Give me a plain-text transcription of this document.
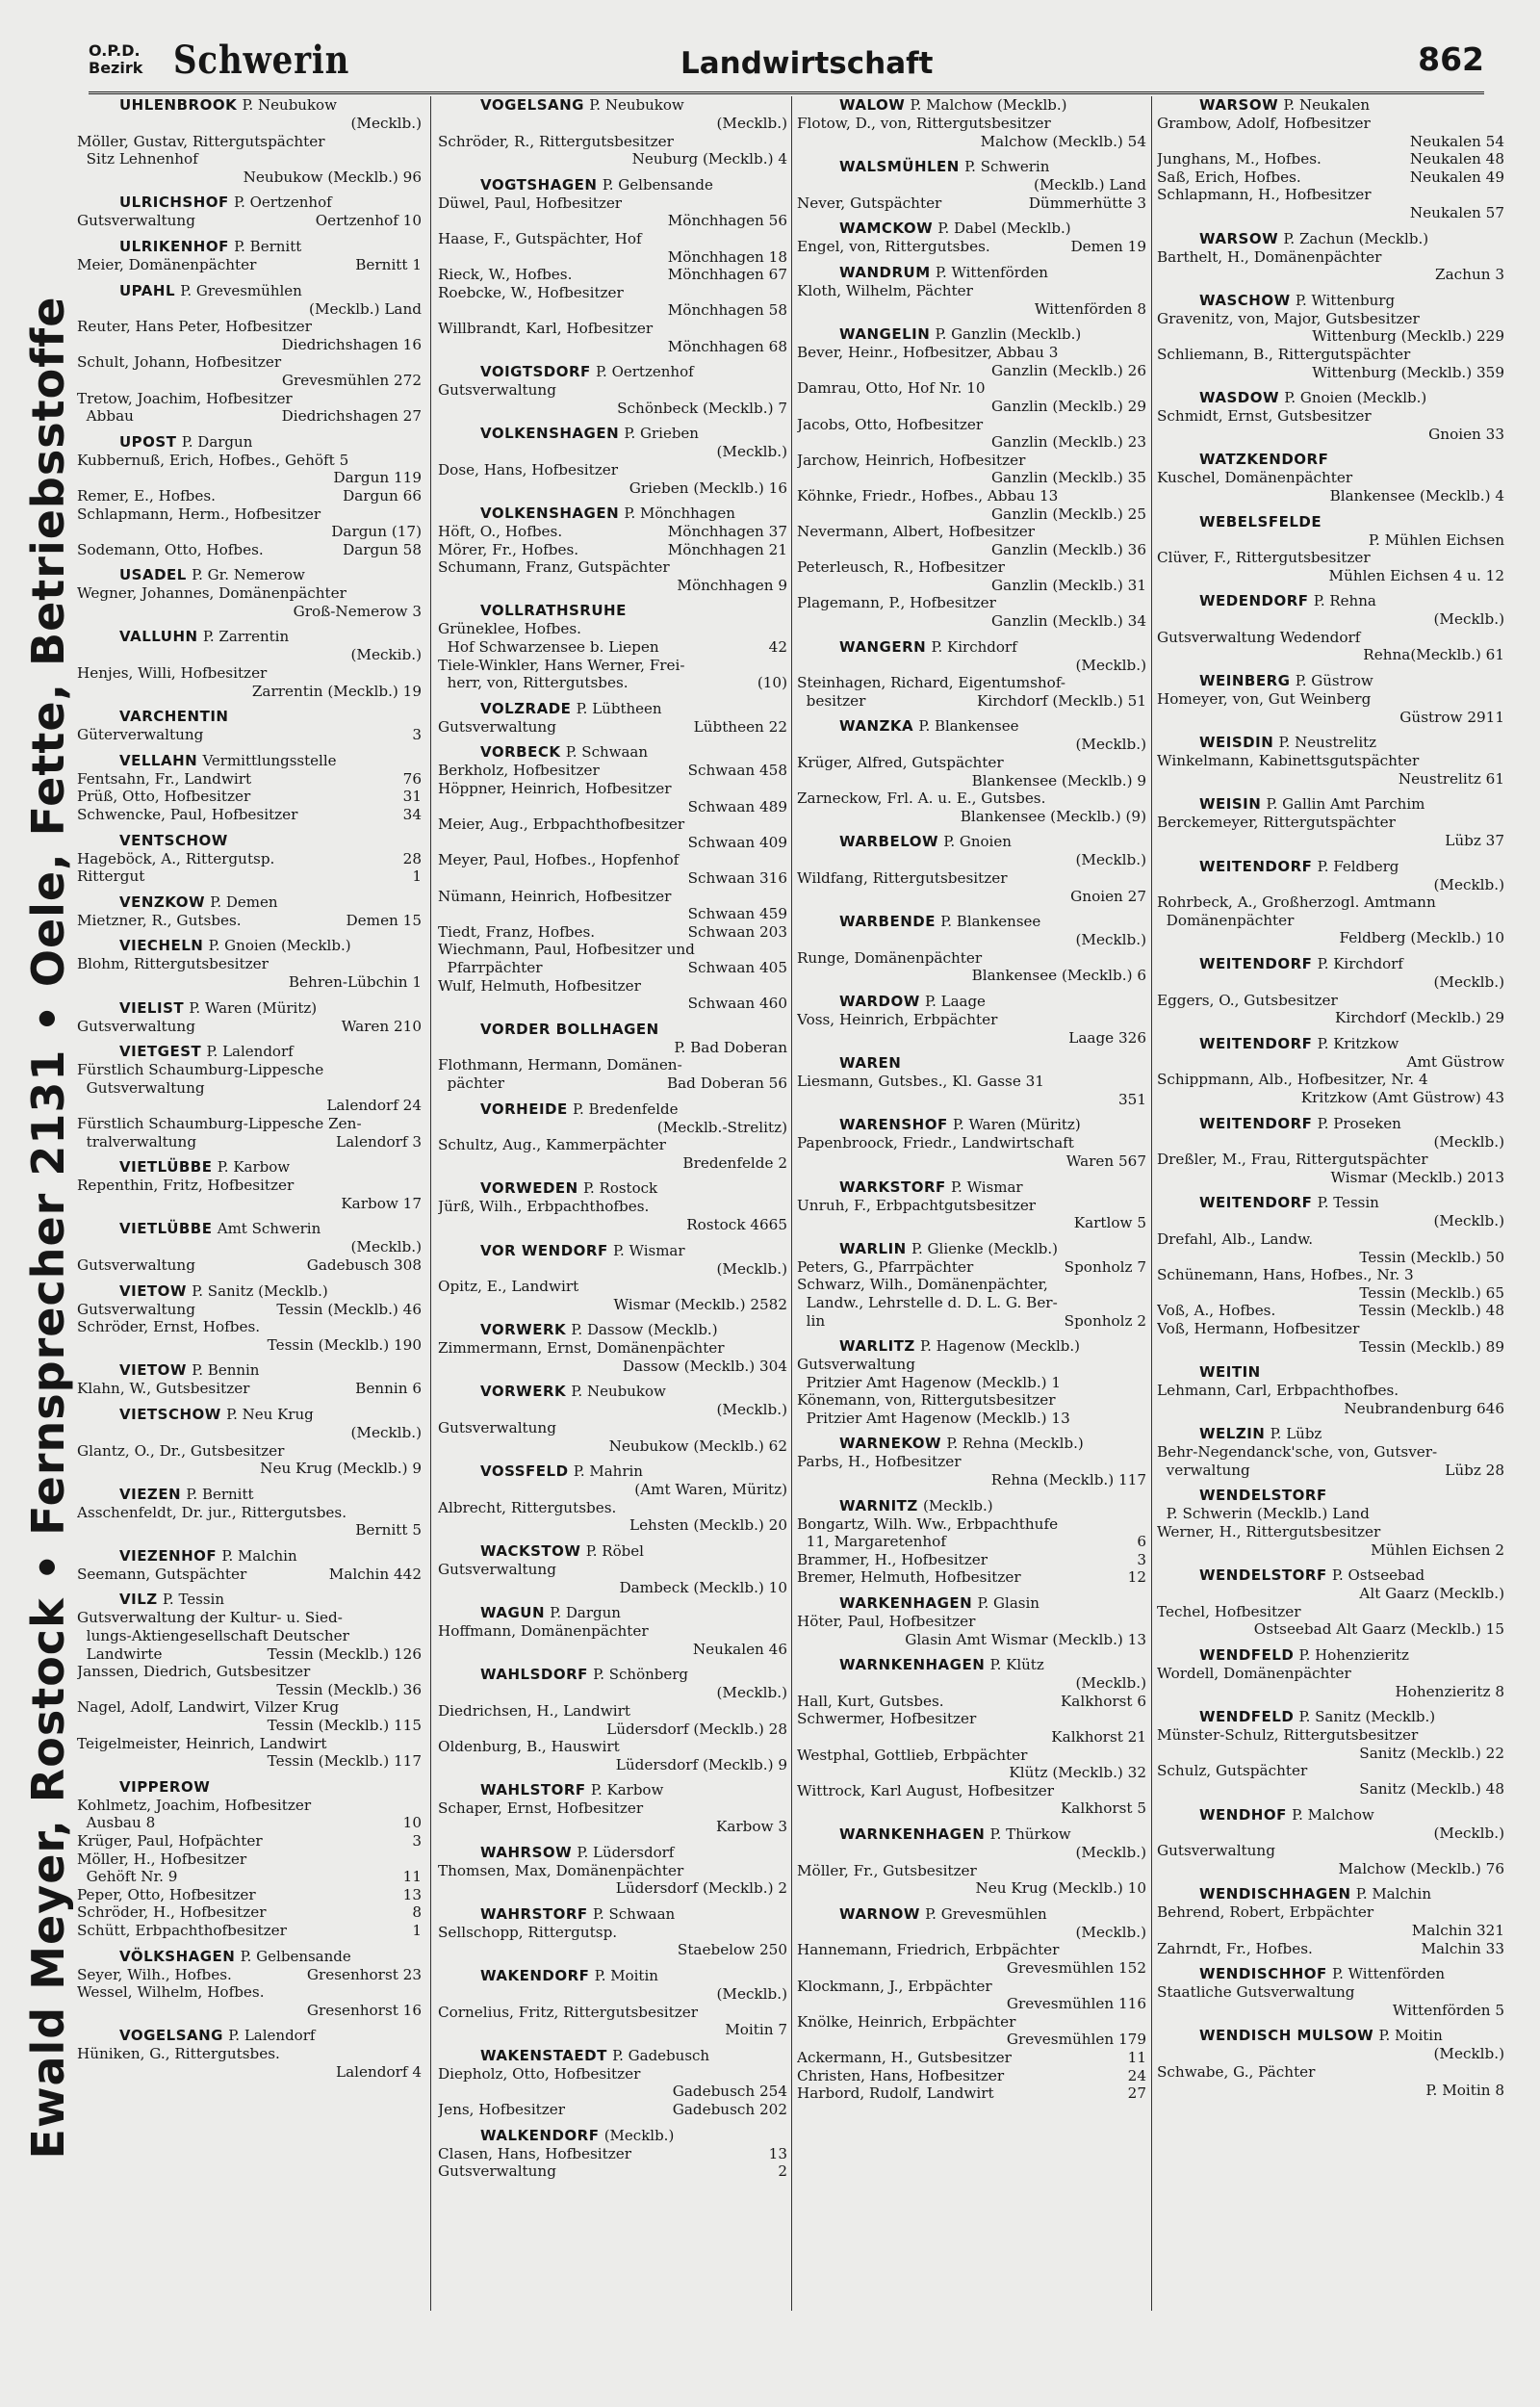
O.P.D.
Bezirk Schwerin	Landwirtschaft	862
Ewald Meyer, Rostock • Fernsprecher 2131 • Oele, Fette, Betriebsstoffe
UHLENBROOK P. Neubukow
(Mecklb.)
Möller, Gustav, Rittergutspächter
Sitz Lehnenhof
Neubukow (Mecklb.) 96
ULRICHSHOF P. Oertzenhof
Gutsverwaltung	Oertzenhof 10
ULRIKENHOF P. Bernitt
Meier, Domänenpächter	Bernitt 1
UPAHL P. Grevesmühlen
(Mecklb.) Land
Reuter, Hans Peter, Hofbesitzer
Diedrichshagen 16
Schult, Johann, Hofbesitzer
Grevesmühlen 272
Tretow, Joachim, Hofbesitzer
Abbau	Diedrichshagen 27
UPOST P. Dargun
Kubbernuß, Erich, Hofbes., Gehöft 5
Dargun 119
Remer, E., Hofbes.	Dargun 66
Schlapmann, Herm., Hofbesitzer
Dargun (17)
Sodemann, Otto, Hofbes.	Dargun 58
USADEL P. Gr. Nemerow
Wegner, Johannes, Domänenpächter
Groß-Nemerow 3
VALLUHN P. Zarrentin
(Meckib.)
Henjes, Willi, Hofbesitzer
Zarrentin (Mecklb.) 19
VARCHENTIN
Güterverwaltung	3
VELLAHN Vermittlungsstelle
Fentsahn, Fr., Landwirt	76
Prüß, Otto, Hofbesitzer	31
Schwencke, Paul, Hofbesitzer	34
VENTSCHOW
Hageböck, A., Rittergutsp.	28
Rittergut	1
VENZKOW P. Demen
Mietzner, R., Gutsbes.	Demen 15
VIECHELN P. Gnoien (Mecklb.)
Blohm, Rittergutsbesitzer
Behren-Lübchin 1
VIELIST P. Waren (Müritz)
Gutsverwaltung	Waren 210
VIETGEST P. Lalendorf
Fürstlich Schaumburg-Lippesche
Gutsverwaltung
Lalendorf 24
Fürstlich Schaumburg-Lippesche Zen-
tralverwaltung	Lalendorf 3
VIETLÜBBE P. Karbow
Repenthin, Fritz, Hofbesitzer
Karbow 17
VIETLÜBBE Amt Schwerin
(Mecklb.)
Gutsverwaltung	Gadebusch 308
VIETOW P. Sanitz (Mecklb.)
Gutsverwaltung	Tessin (Mecklb.) 46
Schröder, Ernst, Hofbes.
Tessin (Mecklb.) 190
VIETOW P. Bennin
Klahn, W., Gutsbesitzer	Bennin 6
VIETSCHOW P. Neu Krug
(Mecklb.)
Glantz, O., Dr., Gutsbesitzer
Neu Krug (Mecklb.) 9
VIEZEN P. Bernitt
Asschenfeldt, Dr. jur., Rittergutsbes.
Bernitt 5
VIEZENHOF P. Malchin
Seemann, Gutspächter	Malchin 442
VILZ P. Tessin
Gutsverwaltung der Kultur- u. Sied-
lungs-Aktiengesellschaft Deutscher
Landwirte	Tessin (Mecklb.) 126
Janssen, Diedrich, Gutsbesitzer
Tessin (Mecklb.) 36
Nagel, Adolf, Landwirt, Vilzer Krug
Tessin (Mecklb.) 115
Teigelmeister, Heinrich, Landwirt
Tessin (Mecklb.) 117
VIPPEROW
Kohlmetz, Joachim, Hofbesitzer
Ausbau 8	10
Krüger, Paul, Hofpächter	3
Möller, H., Hofbesitzer
Gehöft Nr. 9	11
Peper, Otto, Hofbesitzer	13
Schröder, H., Hofbesitzer	8
Schütt, Erbpachthofbesitzer	1
VÖLKSHAGEN P. Gelbensande
Seyer, Wilh., Hofbes.	Gresenhorst 23
Wessel, Wilhelm, Hofbes.
Gresenhorst 16
VOGELSANG P. Lalendorf
Hüniken, G., Rittergutsbes.
Lalendorf 4
VOGELSANG P. Neubukow
(Mecklb.)
Schröder, R., Rittergutsbesitzer
Neuburg (Mecklb.) 4
VOGTSHAGEN P. Gelbensande
Düwel, Paul, Hofbesitzer
Mönchhagen 56
Haase, F., Gutspächter, Hof
Mönchhagen 18
Rieck, W., Hofbes.	Mönchhagen 67
Roebcke, W., Hofbesitzer
Mönchhagen 58
Willbrandt, Karl, Hofbesitzer
Mönchhagen 68
VOIGTSDORF P. Oertzenhof
Gutsverwaltung
Schönbeck (Mecklb.) 7
VOLKENSHAGEN P. Grieben
(Mecklb.)
Dose, Hans, Hofbesitzer
Grieben (Mecklb.) 16
VOLKENSHAGEN P. Mönchhagen
Höft, O., Hofbes.	Mönchhagen 37
Mörer, Fr., Hofbes.	Mönchhagen 21
Schumann, Franz, Gutspächter
Mönchhagen 9
VOLLRATHSRUHE
Grüneklee, Hofbes.
Hof Schwarzensee b. Liepen	42
Tiele-Winkler, Hans Werner, Frei-
herr, von, Rittergutsbes.	(10)
VOLZRADE P. Lübtheen
Gutsverwaltung	Lübtheen 22
VORBECK P. Schwaan
Berkholz, Hofbesitzer	Schwaan 458
Höppner, Heinrich, Hofbesitzer
Schwaan 489
Meier, Aug., Erbpachthofbesitzer
Schwaan 409
Meyer, Paul, Hofbes., Hopfenhof
Schwaan 316
Nümann, Heinrich, Hofbesitzer
Schwaan 459
Tiedt, Franz, Hofbes.	Schwaan 203
Wiechmann, Paul, Hofbesitzer und
Pfarrpächter	Schwaan 405
Wulf, Helmuth, Hofbesitzer
Schwaan 460
VORDER BOLLHAGEN
P. Bad Doberan
Flothmann, Hermann, Domänen-
pächter	Bad Doberan 56
VORHEIDE P. Bredenfelde
(Mecklb.-Strelitz)
Schultz, Aug., Kammerpächter
Bredenfelde 2
VORWEDEN P. Rostock
Jürß, Wilh., Erbpachthofbes.
Rostock 4665
VOR WENDORF P. Wismar
(Mecklb.)
Opitz, E., Landwirt
Wismar (Mecklb.) 2582
VORWERK P. Dassow (Mecklb.)
Zimmermann, Ernst, Domänenpächter
Dassow (Mecklb.) 304
VORWERK P. Neubukow
(Mecklb.)
Gutsverwaltung
Neubukow (Mecklb.) 62
VOSSFELD P. Mahrin
(Amt Waren, Müritz)
Albrecht, Rittergutsbes.
Lehsten (Mecklb.) 20
WACKSTOW P. Röbel
Gutsverwaltung
Dambeck (Mecklb.) 10
WAGUN P. Dargun
Hoffmann, Domänenpächter
Neukalen 46
WAHLSDORF P. Schönberg
(Mecklb.)
Diedrichsen, H., Landwirt
Lüdersdorf (Mecklb.) 28
Oldenburg, B., Hauswirt
Lüdersdorf (Mecklb.) 9
WAHLSTORF P. Karbow
Schaper, Ernst, Hofbesitzer
Karbow 3
WAHRSOW P. Lüdersdorf
Thomsen, Max, Domänenpächter
Lüdersdorf (Mecklb.) 2
WAHRSTORF P. Schwaan
Sellschopp, Rittergutsp.
Staebelow 250
WAKENDORF P. Moitin
(Mecklb.)
Cornelius, Fritz, Rittergutsbesitzer
Moitin 7
WAKENSTAEDT P. Gadebusch
Diepholz, Otto, Hofbesitzer
Gadebusch 254
Jens, Hofbesitzer	Gadebusch 202
WALKENDORF (Mecklb.)
Clasen, Hans, Hofbesitzer	13
Gutsverwaltung	2
WALOW P. Malchow (Mecklb.)
Flotow, D., von, Rittergutsbesitzer
Malchow (Mecklb.) 54
WALSMÜHLEN P. Schwerin
(Mecklb.) Land
Never, Gutspächter	Dümmerhütte 3
WAMCKOW P. Dabel (Mecklb.)
Engel, von, Rittergutsbes.	Demen 19
WANDRUM P. Wittenförden
Kloth, Wilhelm, Pächter
Wittenförden 8
WANGELIN P. Ganzlin (Mecklb.)
Bever, Heinr., Hofbesitzer, Abbau 3
Ganzlin (Mecklb.) 26
Damrau, Otto, Hof Nr. 10
Ganzlin (Mecklb.) 29
Jacobs, Otto, Hofbesitzer
Ganzlin (Mecklb.) 23
Jarchow, Heinrich, Hofbesitzer
Ganzlin (Mecklb.) 35
Köhnke, Friedr., Hofbes., Abbau 13
Ganzlin (Mecklb.) 25
Nevermann, Albert, Hofbesitzer
Ganzlin (Mecklb.) 36
Peterleusch, R., Hofbesitzer
Ganzlin (Mecklb.) 31
Plagemann, P., Hofbesitzer
Ganzlin (Mecklb.) 34
WANGERN P. Kirchdorf
(Mecklb.)
Steinhagen, Richard, Eigentumshof-
besitzer	Kirchdorf (Mecklb.) 51
WANZKA P. Blankensee
(Mecklb.)
Krüger, Alfred, Gutspächter
Blankensee (Mecklb.) 9
Zarneckow, Frl. A. u. E., Gutsbes.
Blankensee (Mecklb.) (9)
WARBELOW P. Gnoien
(Mecklb.)
Wildfang, Rittergutsbesitzer
Gnoien 27
WARBENDE P. Blankensee
(Mecklb.)
Runge, Domänenpächter
Blankensee (Mecklb.) 6
WARDOW P. Laage
Voss, Heinrich, Erbpächter
Laage 326
WAREN
Liesmann, Gutsbes., Kl. Gasse 31
351
WARENSHOF P. Waren (Müritz)
Papenbroock, Friedr., Landwirtschaft
Waren 567
WARKSTORF P. Wismar
Unruh, F., Erbpachtgutsbesitzer
Kartlow 5
WARLIN P. Glienke (Mecklb.)
Peters, G., Pfarrpächter	Sponholz 7
Schwarz, Wilh., Domänenpächter,
Landw., Lehrstelle d. D. L. G. Ber-
lin	Sponholz 2
WARLITZ P. Hagenow (Mecklb.)
Gutsverwaltung
Pritzier Amt Hagenow (Mecklb.) 1
Könemann, von, Rittergutsbesitzer
Pritzier Amt Hagenow (Mecklb.) 13
WARNEKOW P. Rehna (Mecklb.)
Parbs, H., Hofbesitzer
Rehna (Mecklb.) 117
WARNITZ (Mecklb.)
Bongartz, Wilh. Ww., Erbpachthufe
11, Margaretenhof	6
Brammer, H., Hofbesitzer	3
Bremer, Helmuth, Hofbesitzer	12
WARKENHAGEN P. Glasin
Höter, Paul, Hofbesitzer
Glasin Amt Wismar (Mecklb.) 13
WARNKENHAGEN P. Klütz
(Mecklb.)
Hall, Kurt, Gutsbes.	Kalkhorst 6
Schwermer, Hofbesitzer
Kalkhorst 21
Westphal, Gottlieb, Erbpächter
Klütz (Mecklb.) 32
Wittrock, Karl August, Hofbesitzer
Kalkhorst 5
WARNKENHAGEN P. Thürkow
(Mecklb.)
Möller, Fr., Gutsbesitzer
Neu Krug (Mecklb.) 10
WARNOW P. Grevesmühlen
(Mecklb.)
Hannemann, Friedrich, Erbpächter
Grevesmühlen 152
Klockmann, J., Erbpächter
Grevesmühlen 116
Knölke, Heinrich, Erbpächter
Grevesmühlen 179
Ackermann, H., Gutsbesitzer	11
Christen, Hans, Hofbesitzer	24
Harbord, Rudolf, Landwirt	27
WARSOW P. Neukalen
Grambow, Adolf, Hofbesitzer
Neukalen 54
Junghans, M., Hofbes.	Neukalen 48
Saß, Erich, Hofbes.	Neukalen 49
Schlapmann, H., Hofbesitzer
Neukalen 57
WARSOW P. Zachun (Mecklb.)
Barthelt, H., Domänenpächter
Zachun 3
WASCHOW P. Wittenburg
Gravenitz, von, Major, Gutsbesitzer
Wittenburg (Mecklb.) 229
Schliemann, B., Rittergutspächter
Wittenburg (Mecklb.) 359
WASDOW P. Gnoien (Mecklb.)
Schmidt, Ernst, Gutsbesitzer
Gnoien 33
WATZKENDORF
Kuschel, Domänenpächter
Blankensee (Mecklb.) 4
WEBELSFELDE
P. Mühlen Eichsen
Clüver, F., Rittergutsbesitzer
Mühlen Eichsen 4 u. 12
WEDENDORF P. Rehna
(Mecklb.)
Gutsverwaltung Wedendorf
Rehna(Mecklb.) 61
WEINBERG P. Güstrow
Homeyer, von, Gut Weinberg
Güstrow 2911
WEISDIN P. Neustrelitz
Winkelmann, Kabinettsgutspächter
Neustrelitz 61
WEISIN P. Gallin Amt Parchim
Berckemeyer, Rittergutspächter
Lübz 37
WEITENDORF P. Feldberg
(Mecklb.)
Rohrbeck, A., Großherzogl. Amtmann
Domänenpächter
Feldberg (Mecklb.) 10
WEITENDORF P. Kirchdorf
(Mecklb.)
Eggers, O., Gutsbesitzer
Kirchdorf (Mecklb.) 29
WEITENDORF P. Kritzkow
Amt Güstrow
Schippmann, Alb., Hofbesitzer, Nr. 4
Kritzkow (Amt Güstrow) 43
WEITENDORF P. Proseken
(Mecklb.)
Dreßler, M., Frau, Rittergutspächter
Wismar (Mecklb.) 2013
WEITENDORF P. Tessin
(Mecklb.)
Drefahl, Alb., Landw.
Tessin (Mecklb.) 50
Schünemann, Hans, Hofbes., Nr. 3
Tessin (Mecklb.) 65
Voß, A., Hofbes.	Tessin (Mecklb.) 48
Voß, Hermann, Hofbesitzer
Tessin (Mecklb.) 89
WEITIN
Lehmann, Carl, Erbpachthofbes.
Neubrandenburg 646
WELZIN P. Lübz
Behr-Negendanck'sche, von, Gutsver-
verwaltung	Lübz 28
WENDELSTORF
P. Schwerin (Mecklb.) Land
Werner, H., Rittergutsbesitzer
Mühlen Eichsen 2
WENDELSTORF P. Ostseebad
Alt Gaarz (Mecklb.)
Techel, Hofbesitzer
Ostseebad Alt Gaarz (Mecklb.) 15
WENDFELD P. Hohenzieritz
Wordell, Domänenpächter
Hohenzieritz 8
WENDFELD P. Sanitz (Mecklb.)
Münster-Schulz, Rittergutsbesitzer
Sanitz (Mecklb.) 22
Schulz, Gutspächter
Sanitz (Mecklb.) 48
WENDHOF P. Malchow
(Mecklb.)
Gutsverwaltung
Malchow (Mecklb.) 76
WENDISCHHAGEN P. Malchin
Behrend, Robert, Erbpächter
Malchin 321
Zahrndt, Fr., Hofbes.	Malchin 33
WENDISCHHOF P. Wittenförden
Staatliche Gutsverwaltung
Wittenförden 5
WENDISCH MULSOW P. Moitin
(Mecklb.)
Schwabe, G., Pächter
P. Moitin 8
